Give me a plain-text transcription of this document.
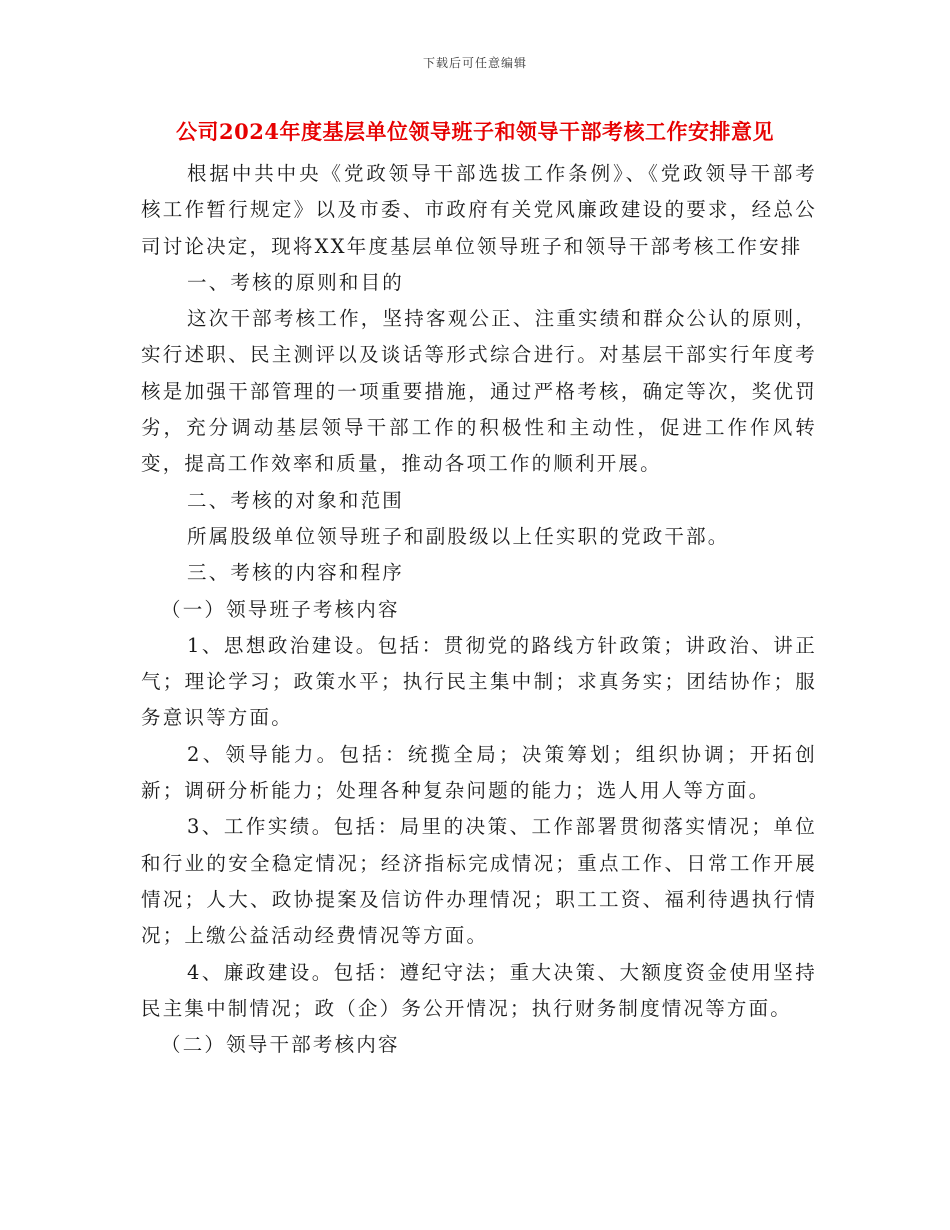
下载后可任意编辑
公司2024年度基层单位领导班子和领导干部考核工作安排意见

根据中共中央《党政领导干部选拔工作条例》、《党政领导干部考核工作暂行规定》以及市委、市政府有关党风廉政建设的要求，经总公司讨论决定，现将XX年度基层单位领导班子和领导干部考核工作安排

一、考核的原则和目的

这次干部考核工作，坚持客观公正、注重实绩和群众公认的原则，实行述职、民主测评以及谈话等形式综合进行。对基层干部实行年度考核是加强干部管理的一项重要措施，通过严格考核，确定等次，奖优罚劣，充分调动基层领导干部工作的积极性和主动性，促进工作作风转变，提高工作效率和质量，推动各项工作的顺利开展。

二、考核的对象和范围

所属股级单位领导班子和副股级以上任实职的党政干部。

三、考核的内容和程序

（一）领导班子考核内容

1、思想政治建设。包括：贯彻党的路线方针政策；讲政治、讲正气；理论学习；政策水平；执行民主集中制；求真务实；团结协作；服务意识等方面。

2、领导能力。包括：统揽全局；决策筹划；组织协调；开拓创新；调研分析能力；处理各种复杂问题的能力；选人用人等方面。

3、工作实绩。包括：局里的决策、工作部署贯彻落实情况；单位和行业的安全稳定情况；经济指标完成情况；重点工作、日常工作开展情况；人大、政协提案及信访件办理情况；职工工资、福利待遇执行情况；上缴公益活动经费情况等方面。

4、廉政建设。包括：遵纪守法；重大决策、大额度资金使用坚持民主集中制情况；政（企）务公开情况；执行财务制度情况等方面。

（二）领导干部考核内容
